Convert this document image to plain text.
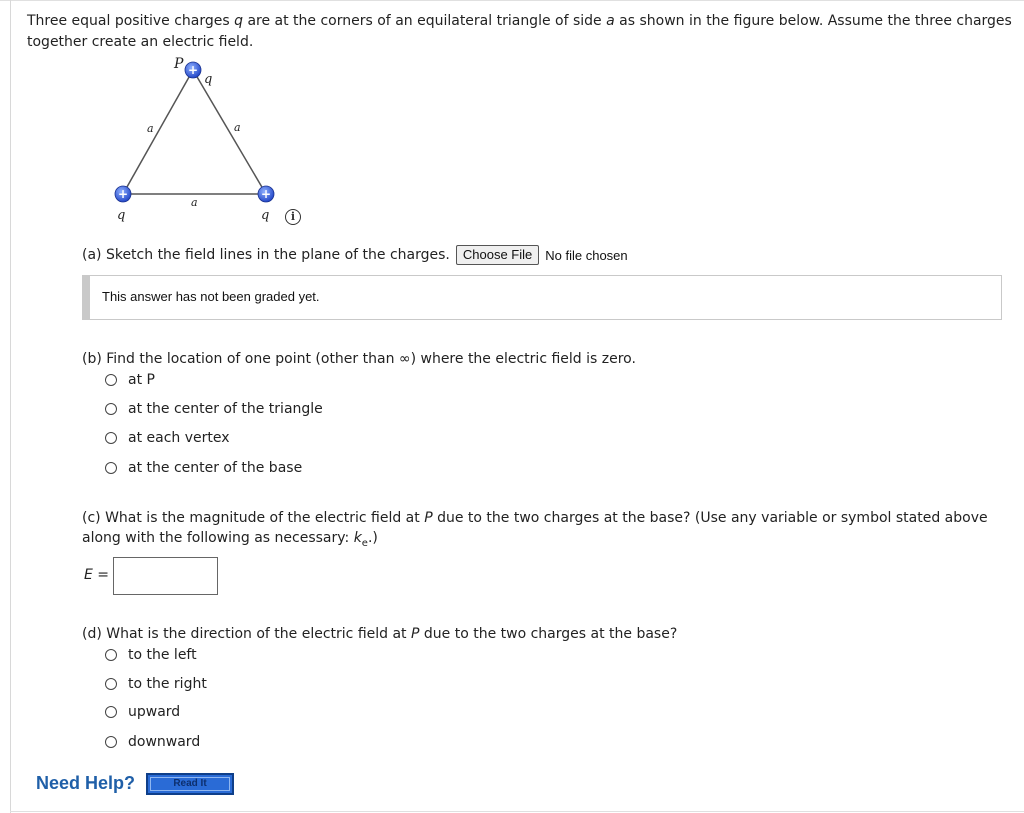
Three equal positive charges q are at the corners of an equilateral triangle of side a as shown in the figure below. Assume the three charges together create an electric field.
+
+	+
P
q
a	a
a
q	q	i
(a) Sketch the field lines in the plane of the charges.	Choose File	No file chosen
This answer has not been graded yet.
(b) Find the location of one point (other than ∞) where the electric field is zero.
at P
at the center of the triangle
at each vertex
at the center of the base
(c) What is the magnitude of the electric field at P due to the two charges at the base? (Use any variable or symbol stated above along with the following as necessary: $k_e$.)
E =
(d) What is the direction of the electric field at P due to the two charges at the base?
to the left
to the right
upward
downward
Need Help?	Read It
